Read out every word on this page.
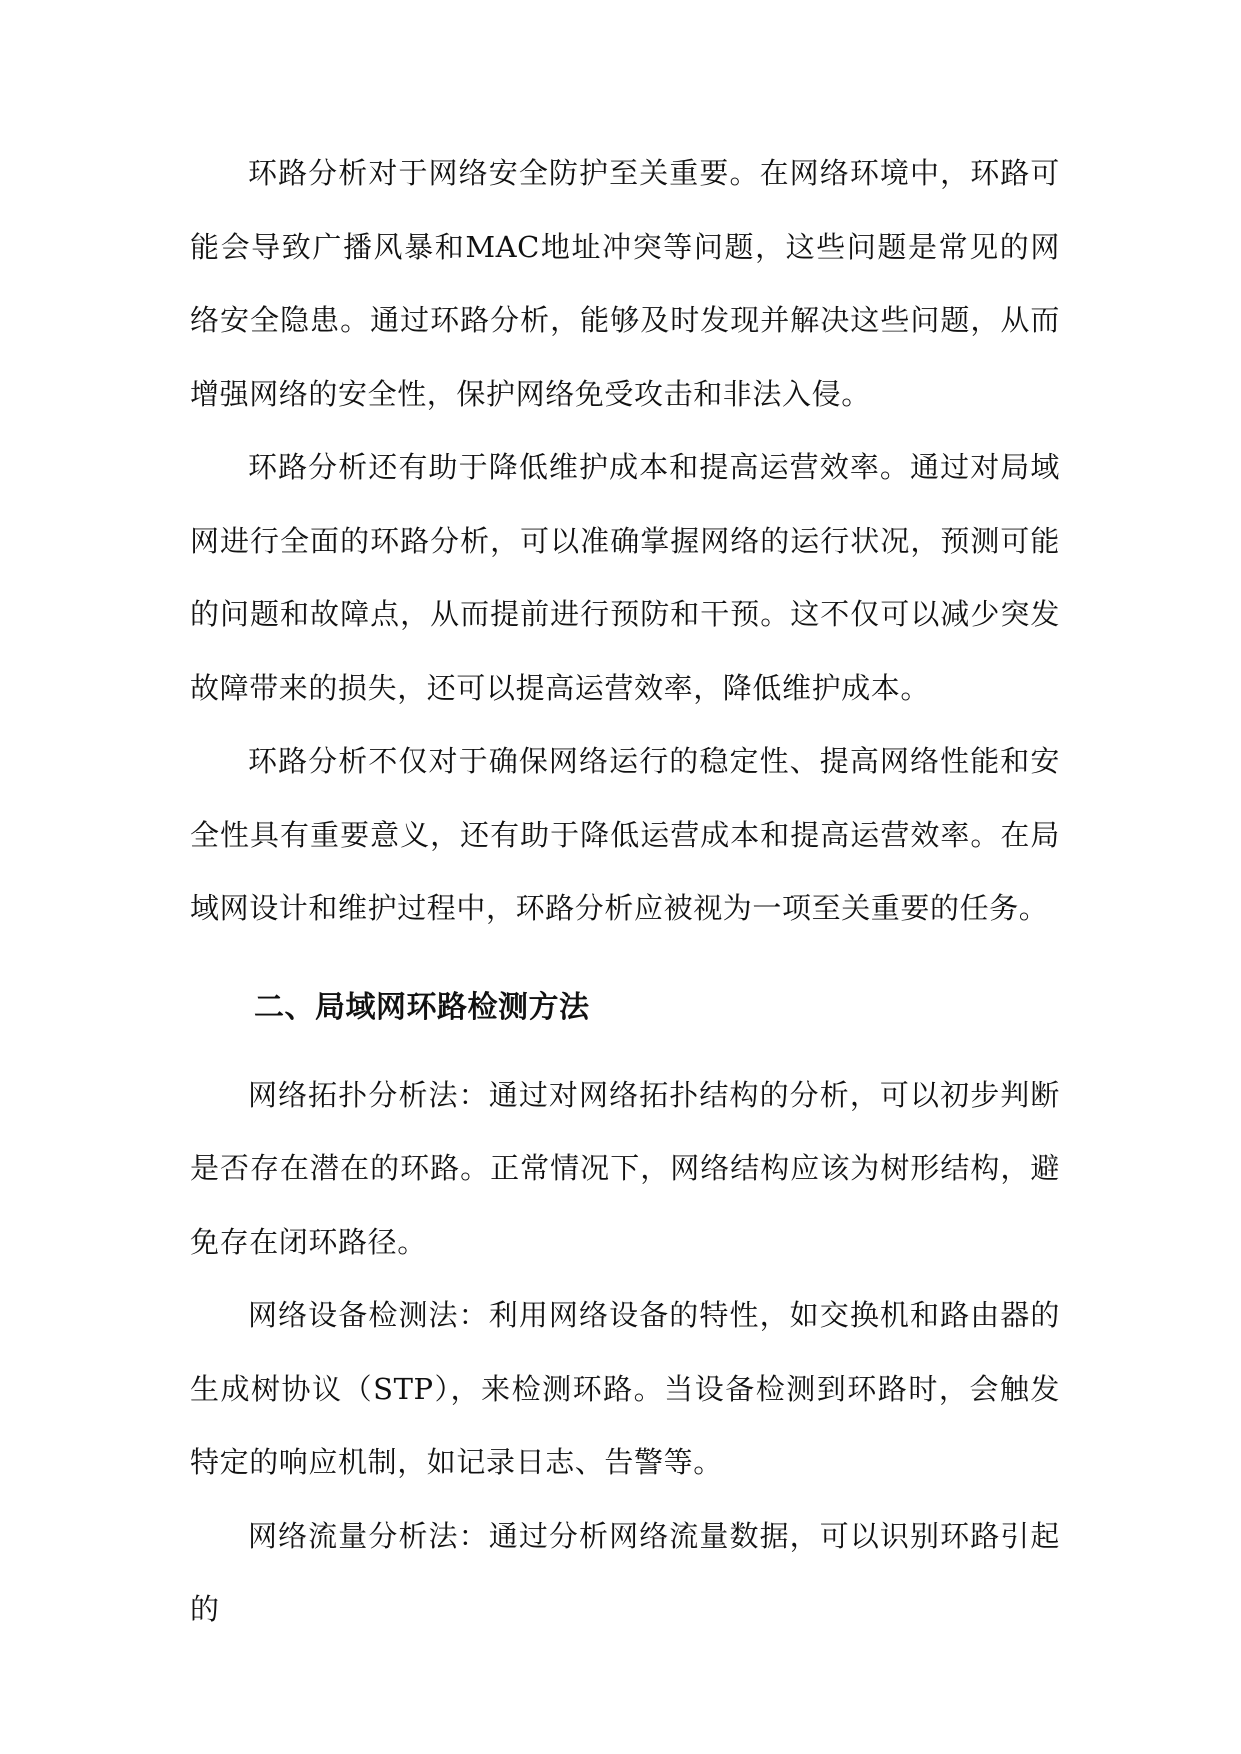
环路分析对于网络安全防护至关重要。在网络环境中，环路可能会导致广播风暴和MAC地址冲突等问题，这些问题是常见的网络安全隐患。通过环路分析，能够及时发现并解决这些问题，从而增强网络的安全性，保护网络免受攻击和非法入侵。

环路分析还有助于降低维护成本和提高运营效率。通过对局域网进行全面的环路分析，可以准确掌握网络的运行状况，预测可能的问题和故障点，从而提前进行预防和干预。这不仅可以减少突发故障带来的损失，还可以提高运营效率，降低维护成本。

环路分析不仅对于确保网络运行的稳定性、提高网络性能和安全性具有重要意义，还有助于降低运营成本和提高运营效率。在局域网设计和维护过程中，环路分析应被视为一项至关重要的任务。

二、局域网环路检测方法

网络拓扑分析法：通过对网络拓扑结构的分析，可以初步判断是否存在潜在的环路。正常情况下，网络结构应该为树形结构，避免存在闭环路径。

网络设备检测法：利用网络设备的特性，如交换机和路由器的生成树协议（STP），来检测环路。当设备检测到环路时，会触发特定的响应机制，如记录日志、告警等。

网络流量分析法：通过分析网络流量数据，可以识别环路引起的
